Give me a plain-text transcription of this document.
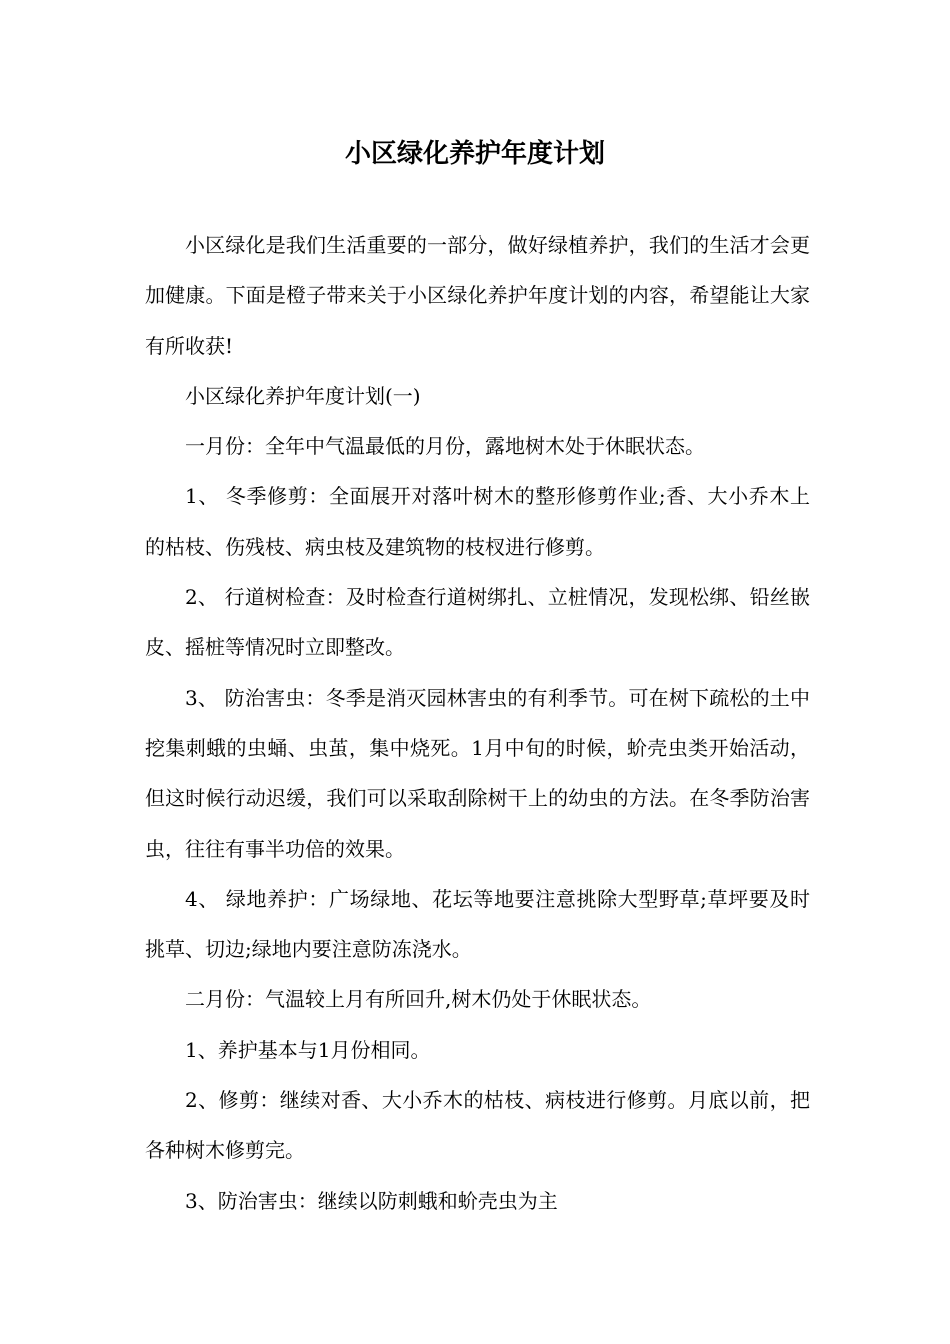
小区绿化养护年度计划

小区绿化是我们生活重要的一部分，做好绿植养护，我们的生活才会更加健康。下面是橙子带来关于小区绿化养护年度计划的内容，希望能让大家有所收获!

小区绿化养护年度计划(一)

一月份：全年中气温最低的月份，露地树木处于休眠状态。

1、 冬季修剪：全面展开对落叶树木的整形修剪作业;香、大小乔木上的枯枝、伤残枝、病虫枝及建筑物的枝杈进行修剪。

2、 行道树检查：及时检查行道树绑扎、立桩情况，发现松绑、铅丝嵌皮、摇桩等情况时立即整改。

3、 防治害虫：冬季是消灭园林害虫的有利季节。可在树下疏松的土中挖集刺蛾的虫蛹、虫茧，集中烧死。1月中旬的时候，蚧壳虫类开始活动，但这时候行动迟缓，我们可以采取刮除树干上的幼虫的方法。在冬季防治害虫，往往有事半功倍的效果。

4、 绿地养护：广场绿地、花坛等地要注意挑除大型野草;草坪要及时挑草、切边;绿地内要注意防冻浇水。

二月份：气温较上月有所回升,树木仍处于休眠状态。

1、养护基本与1月份相同。

2、修剪：继续对香、大小乔木的枯枝、病枝进行修剪。月底以前，把各种树木修剪完。

3、防治害虫：继续以防刺蛾和蚧壳虫为主
